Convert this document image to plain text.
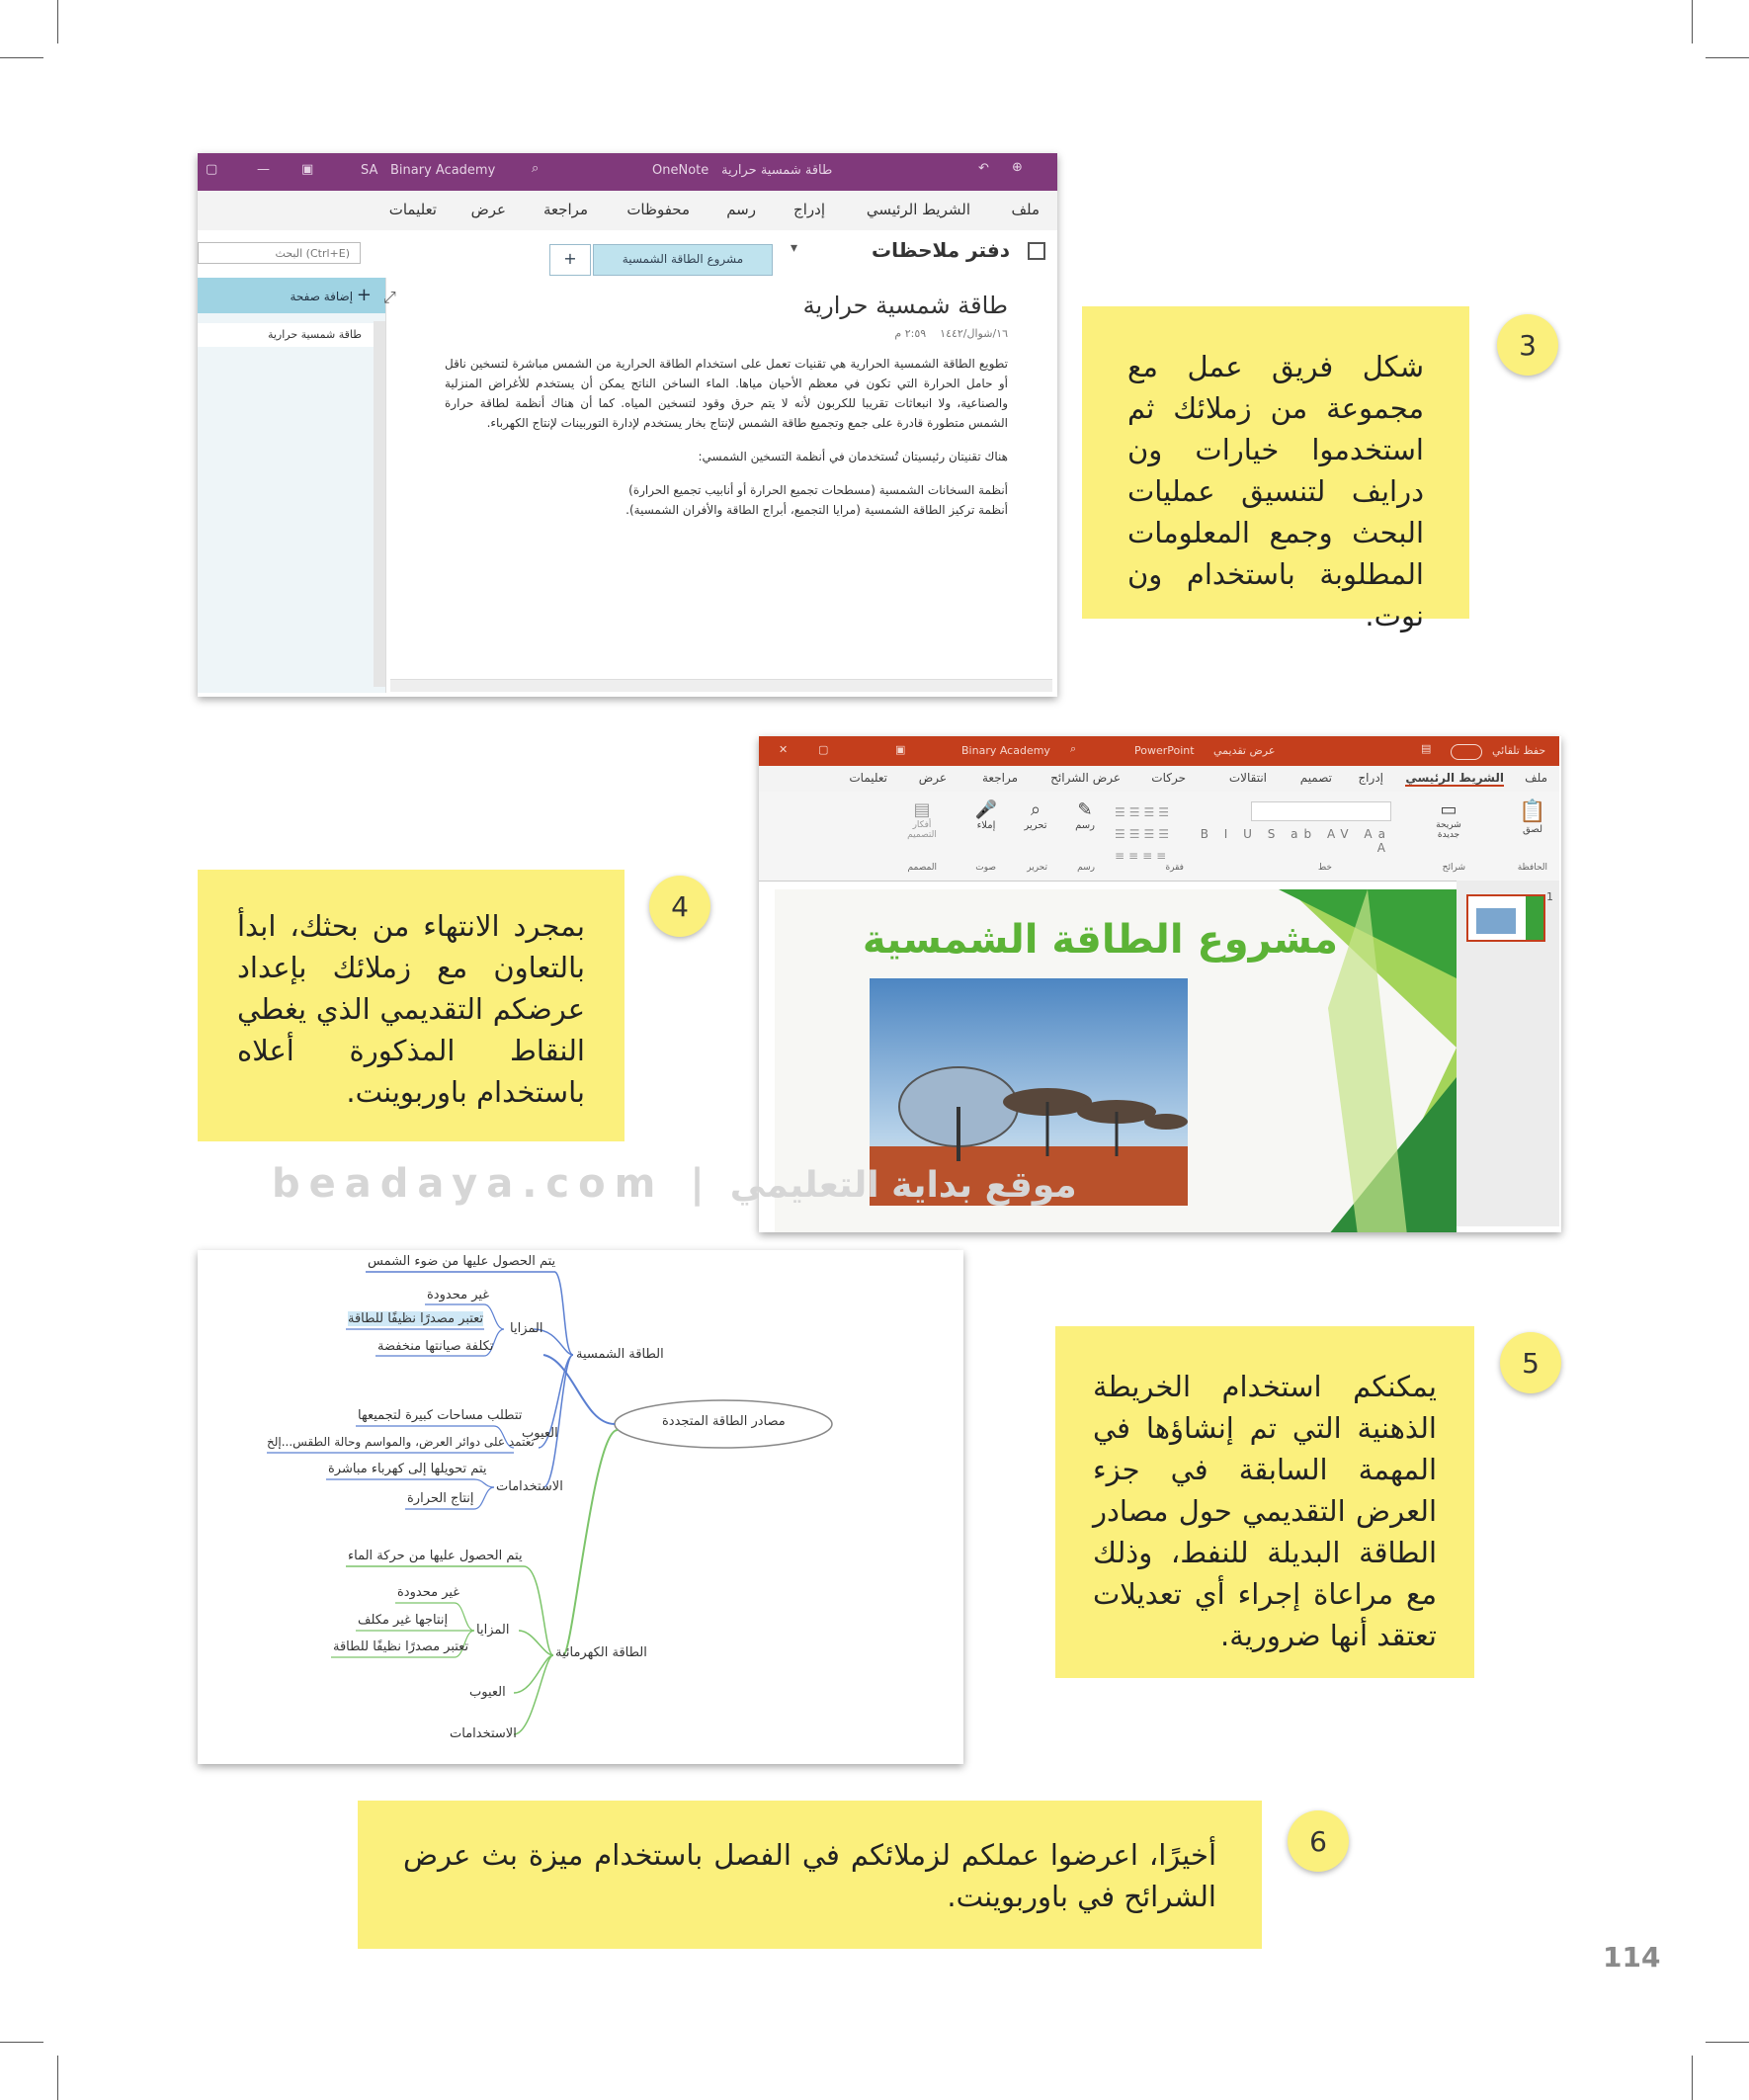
▢	— ▣	SA Binary Academy	⌕	طاقة شمسية حرارية
OneNote	↶ ⊕
ملف
الشريط الرئيسي
إدراج
رسم
محفوظات
مراجعة
عرض
تعليمات
دفتر ملاحظات
▾
مشروع الطاقة الشمسية
+
البحث (Ctrl+E)
+ إضافة صفحة
طاقة شمسية حرارية
⤢	طاقة شمسية حرارية
١٦/شوال/١٤٤٢    ٢:٥٩ م

تطويع الطاقة الشمسية الحرارية هي تقنيات تعمل على استخدام الطاقة الحرارية من الشمس مباشرة لتسخين ناقل أو حامل الحرارة التي تكون في معظم الأحيان مياها. الماء الساخن الناتج يمكن أن يستخدم للأغراض المنزلية والصناعية، ولا انبعاثات تقريبا للكربون لأنه لا يتم حرق وقود لتسخين المياه. كما أن هناك أنظمة لطاقة حرارة الشمس متطورة قادرة على جمع وتجميع طاقة الشمس لإنتاج بخار يستخدم لإدارة التوربينات لإنتاج الكهرباء.

هناك تقنيتان رئيسيتان تُستخدمان في أنظمة التسخين الشمسي:

أنظمة السخانات الشمسية (مسطحات تجميع الحرارة أو أنابيب تجميع الحرارة)

أنظمة تركيز الطاقة الشمسية (مرايا التجميع، أبراج الطاقة والأفران الشمسية).

3
شكل فريق عمل مع مجموعة من زملائك ثم استخدموا خيارات ون درايف لتنسيق عمليات البحث وجمع المعلومات المطلوبة باستخدام ون نوت.
✕	▢	▣	Binary Academy ⌕	PowerPoint عرض تقديمي	▤	حفظ تلقائي
ملف
الشريط الرئيسي
إدراج
تصميم
انتقالات
حركات
عرض الشرائح
مراجعة
عرض
تعليمات
📋
لصق
▭
شريحة جديدة
B I U S ab AV Aa A
☰☰☰☰
☰☰☰☰
≡≡≡≡
✎
رسم
⌕
تحرير
🎤
إملاء
▤
أفكار التصميم
الحافظة
شرائح
خط
فقرة
رسم
تحرير
صوت
المصمم
مشروع الطاقة الشمسية
1
4
بمجرد الانتهاء من بحثك، ابدأ بالتعاون مع زملائك بإعداد عرضكم التقديمي الذي يغطي النقاط المذكورة أعلاه باستخدام باوربوينت.
beadaya.com | موقع بداية التعليمي
مصادر الطاقة المتجددة
الطاقة الشمسية
يتم الحصول عليها من ضوء الشمس
المزايا
غير محدودة
تعتبر مصدرًا نظيفًا للطاقة
تكلفة صيانتها منخفضة
العيوب
تتطلب مساحات كبيرة لتجميعها
تعتمد على دوائر العرض، والمواسم وحالة الطقس...إلخ
الاستخدامات
يتم تحويلها إلى كهرباء مباشرة
إنتاج الحرارة
الطاقة الكهرمائية
يتم الحصول عليها من حركة الماء
المزايا
غير محدودة
إنتاجها غير مكلف
تعتبر مصدرًا نظيفًا للطاقة
العيوب
الاستخدامات
5
يمكنكم استخدام الخريطة الذهنية التي تم إنشاؤها في المهمة السابقة في جزء العرض التقديمي حول مصادر الطاقة البديلة للنفط، وذلك مع مراعاة إجراء أي تعديلات تعتقد أنها ضرورية.
6
أخيرًا، اعرضوا عملكم لزملائكم في الفصل باستخدام ميزة بث عرض الشرائح في باوربوينت.
114
